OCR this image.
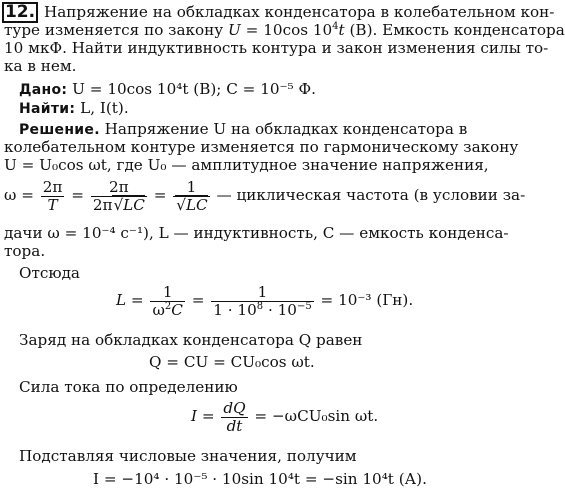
12. Напряжение на обкладках конденсатора в колебательном кон-
туре изменяется по закону U = 10cos $10^4t$ (В). Емкость конденсатора
10 мкФ. Найти индуктивность контура и закон изменения силы то-
ка в нем.
Дано: U = 10cos 10⁴t (В); C = 10⁻⁵ Ф.
Найти: L, I(t).
Решение. Напряжение U на обкладках конденсатора в
колебательном контуре изменяется по гармоническому закону
U = U₀cos ωt, где U₀ — амплитудное значение напряжения,
$\omega = \frac{2\pi}{T} = \frac{2\pi}{2\pi√LC} = \frac{1}{√LC}$ — циклическая частота (в условии за-
дачи ω = 10⁻⁴ с⁻¹), L — индуктивность, C — емкость конденса-
тора.
Отсюда
$L = \frac{1}{\omega^2C} = \frac{1}{1 \cdot 10^8 \cdot 10^{-5}} = 10^{-3}$ (Гн).
Заряд на обкладках конденсатора Q равен
Q = CU = CU₀cos ωt.
Сила тока по определению
$I = \frac{dQ}{dt} = -\omega CU_0\sin$ ωt.
Подставляя числовые значения, получим
I = −10⁴ · 10⁻⁵ · 10sin 10⁴t = −sin 10⁴t (А).
